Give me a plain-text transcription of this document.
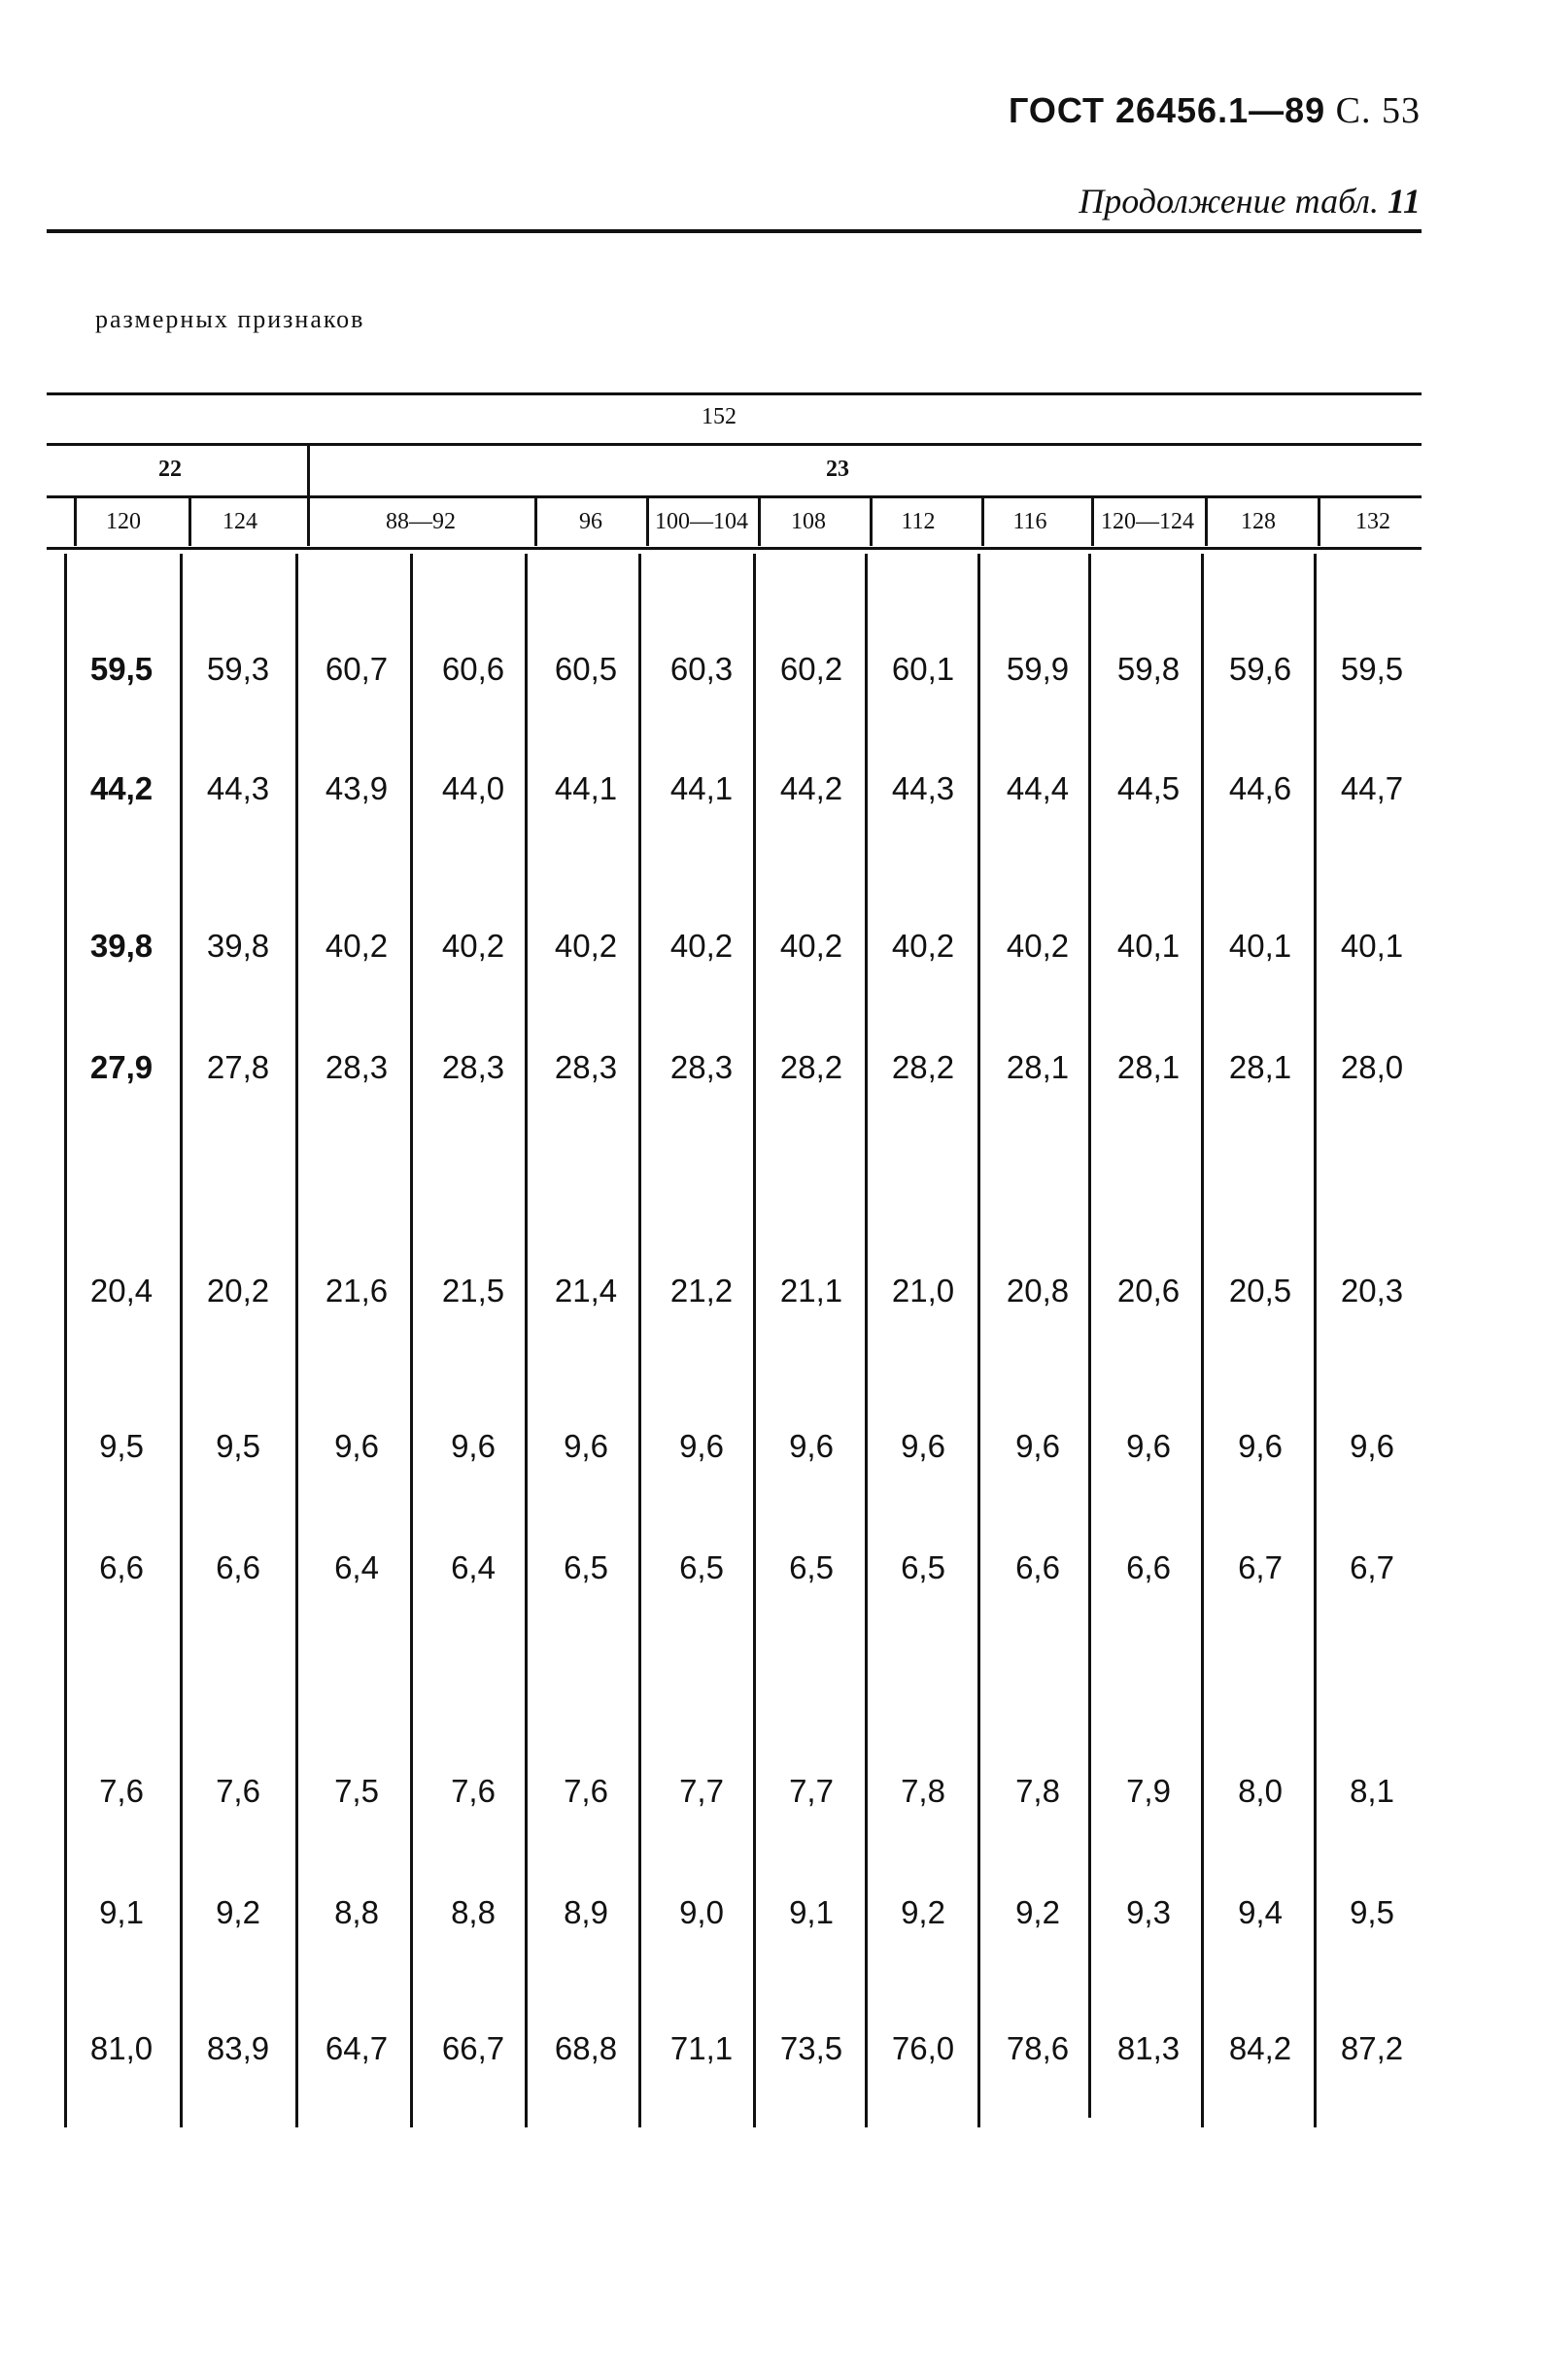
ГОСТ 26456.1—89 С. 53
Продолжение табл. 11
размерных признаков
152
22	23
120	124	88—92	96 100—104 108	112	116 120—124 128	132
59,5 59,3 60,7 60,6 60,5 60,3 60,2 60,1 59,9 59,8 59,6 59,5
44,2 44,3 43,9 44,0 44,1 44,1 44,2 44,3 44,4 44,5 44,6 44,7
39,8 39,8 40,2 40,2 40,2 40,2 40,2 40,2 40,2 40,1 40,1 40,1
27,9 27,8 28,3 28,3 28,3 28,3 28,2 28,2 28,1 28,1 28,1 28,0
20,4 20,2 21,6 21,5 21,4 21,2 21,1 21,0 20,8 20,6 20,5 20,3
9,5 9,5 9,6 9,6 9,6 9,6 9,6 9,6 9,6 9,6 9,6 9,6
6,6 6,6 6,4 6,4 6,5 6,5 6,5 6,5 6,6 6,6 6,7 6,7
7,6 7,6 7,5 7,6 7,6 7,7 7,7 7,8 7,8 7,9 8,0 8,1
9,1 9,2 8,8 8,8 8,9 9,0 9,1 9,2 9,2 9,3 9,4 9,5
81,0 83,9 64,7 66,7 68,8 71,1 73,5 76,0 78,6 81,3 84,2 87,2
